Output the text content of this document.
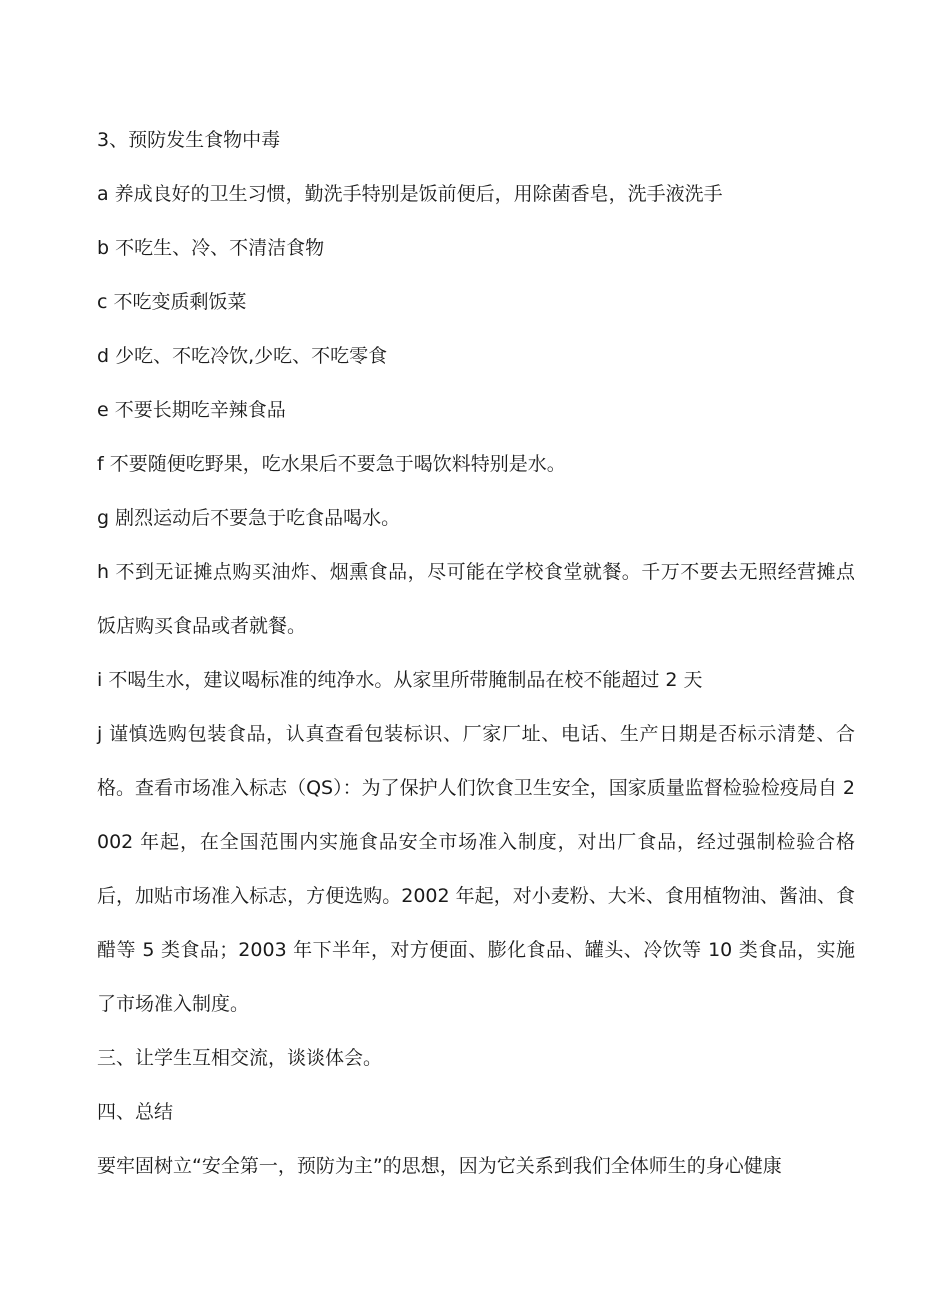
3、预防发生食物中毒

a 养成良好的卫生习惯，勤洗手特别是饭前便后，用除菌香皂，洗手液洗手

b 不吃生、冷、不清洁食物

c 不吃变质剩饭菜

d 少吃、不吃冷饮,少吃、不吃零食

e 不要长期吃辛辣食品

f 不要随便吃野果，吃水果后不要急于喝饮料特别是水。

g 剧烈运动后不要急于吃食品喝水。

h 不到无证摊点购买油炸、烟熏食品，尽可能在学校食堂就餐。千万不要去无照经营摊点饭店购买食品或者就餐。

i 不喝生水，建议喝标准的纯净水。从家里所带腌制品在校不能超过 2 天

j 谨慎选购包装食品，认真查看包装标识、厂家厂址、电话、生产日期是否标示清楚、合格。查看市场准入标志（QS）：为了保护人们饮食卫生安全，国家质量监督检验检疫局自 2002 年起，在全国范围内实施食品安全市场准入制度，对出厂食品，经过强制检验合格后，加贴市场准入标志，方便选购。2002 年起，对小麦粉、大米、食用植物油、酱油、食醋等 5 类食品；2003 年下半年，对方便面、膨化食品、罐头、冷饮等 10 类食品，实施了市场准入制度。

三、让学生互相交流，谈谈体会。

四、总结

要牢固树立“安全第一，预防为主”的思想，因为它关系到我们全体师生的身心健康
